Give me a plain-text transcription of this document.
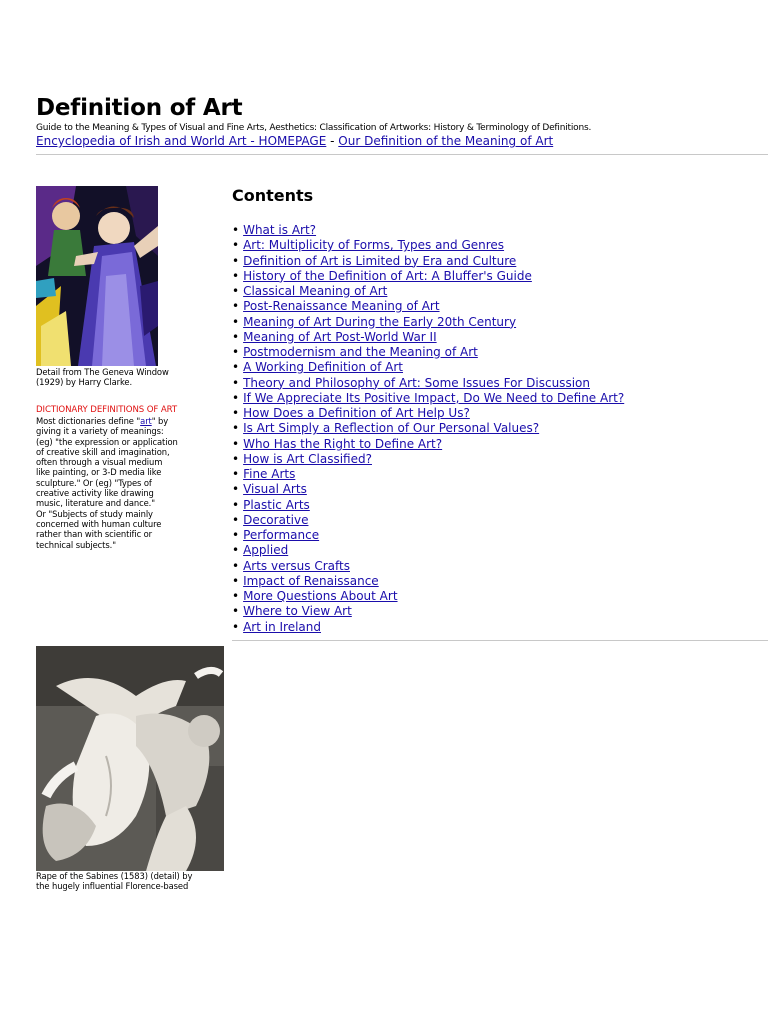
Definition of Art
Guide to the Meaning & Types of Visual and Fine Arts, Aesthetics: Classification of Artworks: History & Terminology of Definitions.
Encyclopedia of Irish and World Art - HOMEPAGE - Our Definition of the Meaning of Art
Detail from The Geneva Window (1929) by Harry Clarke.
DICTIONARY DEFINITIONS OF ART
Most dictionaries define "art" by
giving it a variety of meanings:
(eg) "the expression or application
of creative skill and imagination,
often through a visual medium
like painting, or 3-D media like
sculpture." Or (eg) "Types of
creative activity like drawing
music, literature and dance."
Or "Subjects of study mainly
concerned with human culture
rather than with scientific or
technical subjects."
Contents
• What is Art?
• Art: Multiplicity of Forms, Types and Genres
• Definition of Art is Limited by Era and Culture
• History of the Definition of Art: A Bluffer's Guide
• Classical Meaning of Art
• Post-Renaissance Meaning of Art
• Meaning of Art During the Early 20th Century
• Meaning of Art Post-World War II
• Postmodernism and the Meaning of Art
• A Working Definition of Art
• Theory and Philosophy of Art: Some Issues For Discussion
• If We Appreciate Its Positive Impact, Do We Need to Define Art?
• How Does a Definition of Art Help Us?
• Is Art Simply a Reflection of Our Personal Values?
• Who Has the Right to Define Art?
• How is Art Classified?
• Fine Arts
• Visual Arts
• Plastic Arts
• Decorative
• Performance
• Applied
• Arts versus Crafts
• Impact of Renaissance
• More Questions About Art
• Where to View Art
• Art in Ireland
Rape of the Sabines (1583) (detail) by
the hugely influential Florence-based
